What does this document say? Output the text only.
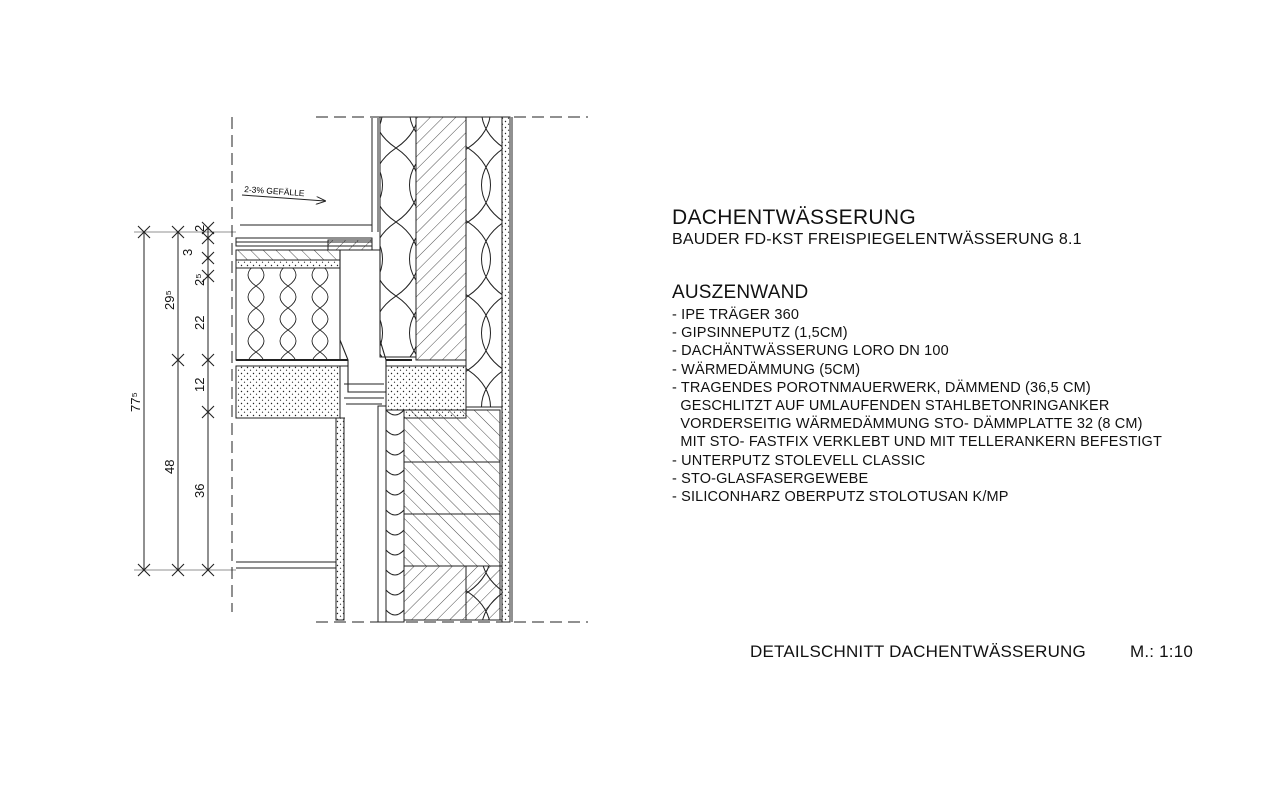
2-3% GEFÄLLE
77⁵
29⁵
48
2
3
2⁵
22
12
36
DACHENTWÄSSERUNG
BAUDER FD-KST FREISPIEGELENTWÄSSERUNG 8.1
AUSZENWAND
- IPE TRÄGER 360
- GIPSINNEPUTZ (1,5CM)
- DACHÄNTWÄSSERUNG LORO DN 100
- WÄRMEDÄMMUNG (5CM)
- TRAGENDES POROTNMAUERWERK, DÄMMEND (36,5 CM)
GESCHLITZT AUF UMLAUFENDEN STAHLBETONRINGANKER
VORDERSEITIG WÄRMEDÄMMUNG STO- DÄMMPLATTE 32 (8 CM)
MIT STO- FASTFIX VERKLEBT UND MIT TELLERANKERN BEFESTIGT
- UNTERPUTZ STOLEVELL CLASSIC
- STO-GLASFASERGEWEBE
- SILICONHARZ OBERPUTZ STOLOTUSAN K/MP
DETAILSCHNITT DACHENTWÄSSERUNG	M.: 1:10
